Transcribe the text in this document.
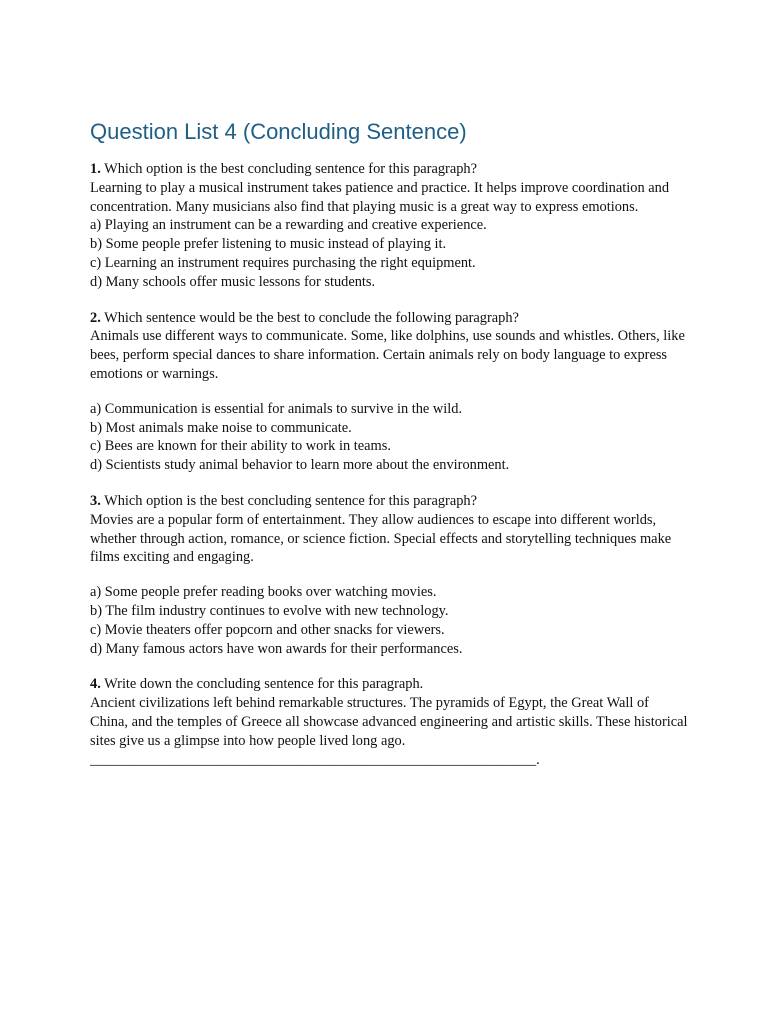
Question List 4 (Concluding Sentence)

1. Which option is the best concluding sentence for this paragraph?

Learning to play a musical instrument takes patience and practice. It helps improve coordination and concentration. Many musicians also find that playing music is a great way to express emotions.

a) Playing an instrument can be a rewarding and creative experience.

b) Some people prefer listening to music instead of playing it.

c) Learning an instrument requires purchasing the right equipment.

d) Many schools offer music lessons for students.

2. Which sentence would be the best to conclude the following paragraph?

Animals use different ways to communicate. Some, like dolphins, use sounds and whistles. Others, like bees, perform special dances to share information. Certain animals rely on body language to express emotions or warnings.

a) Communication is essential for animals to survive in the wild.

b) Most animals make noise to communicate.

c) Bees are known for their ability to work in teams.

d) Scientists study animal behavior to learn more about the environment.

3. Which option is the best concluding sentence for this paragraph?

Movies are a popular form of entertainment. They allow audiences to escape into different worlds, whether through action, romance, or science fiction. Special effects and storytelling techniques make films exciting and engaging.

a) Some people prefer reading books over watching movies.

b) The film industry continues to evolve with new technology.

c) Movie theaters offer popcorn and other snacks for viewers.

d) Many famous actors have won awards for their performances.

4. Write down the concluding sentence for this paragraph.

Ancient civilizations left behind remarkable structures. The pyramids of Egypt, the Great Wall of China, and the temples of Greece all showcase advanced engineering and artistic skills. These historical sites give us a glimpse into how people lived long ago.

______________________________________________________________.
